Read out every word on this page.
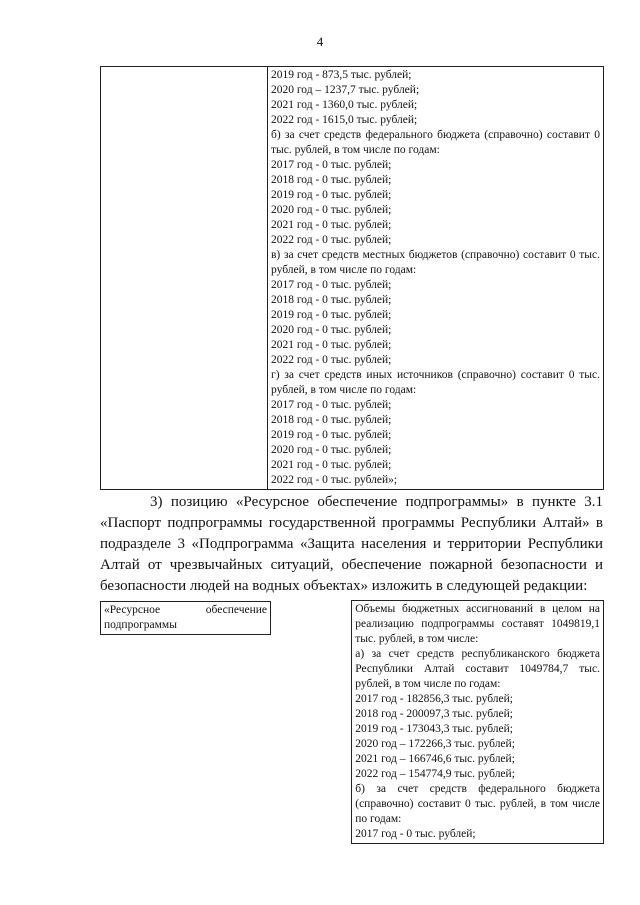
4

2019 год - 873,5 тыс. рублей;
2020 год – 1237,7 тыс. рублей;
2021 год - 1360,0 тыс. рублей;
2022 год - 1615,0 тыс. рублей;
б) за счет средств федерального бюджета (справочно) составит 0 тыс. рублей, в том числе по годам:
2017 год - 0 тыс. рублей;
2018 год - 0 тыс. рублей;
2019 год - 0 тыс. рублей;
2020 год - 0 тыс. рублей;
2021 год - 0 тыс. рублей;
2022 год - 0 тыс. рублей;
в) за счет средств местных бюджетов (справочно) составит 0 тыс. рублей, в том числе по годам:
2017 год - 0 тыс. рублей;
2018 год - 0 тыс. рублей;
2019 год - 0 тыс. рублей;
2020 год - 0 тыс. рублей;
2021 год - 0 тыс. рублей;
2022 год - 0 тыс. рублей;
г) за счет средств иных источников (справочно) составит 0 тыс. рублей, в том числе по годам:
2017 год - 0 тыс. рублей;
2018 год - 0 тыс. рублей;
2019 год - 0 тыс. рублей;
2020 год - 0 тыс. рублей;
2021 год - 0 тыс. рублей;
2022 год - 0 тыс. рублей»;

3) позицию «Ресурсное обеспечение подпрограммы» в пункте 3.1 «Паспорт подпрограммы государственной программы Республики Алтай» в подразделе 3 «Подпрограмма «Защита населения и территории Республики Алтай от чрезвычайных ситуаций, обеспечение пожарной безопасности и безопасности людей на водных объектах» изложить в следующей редакции:

«Ресурсное обеспечение подпрограммы
Объемы бюджетных ассигнований в целом на реализацию подпрограммы составят 1049819,1 тыс. рублей, в том числе:
а) за счет средств республиканского бюджета Республики Алтай составит 1049784,7 тыс. рублей, в том числе по годам:
2017 год - 182856,3 тыс. рублей;
2018 год - 200097,3 тыс. рублей;
2019 год - 173043,3 тыс. рублей;
2020 год – 172266,3 тыс. рублей;
2021 год – 166746,6 тыс. рублей;
2022 год – 154774,9 тыс. рублей;
б) за счет средств федерального бюджета (справочно) составит 0 тыс. рублей, в том числе по годам:
2017 год - 0 тыс. рублей;
